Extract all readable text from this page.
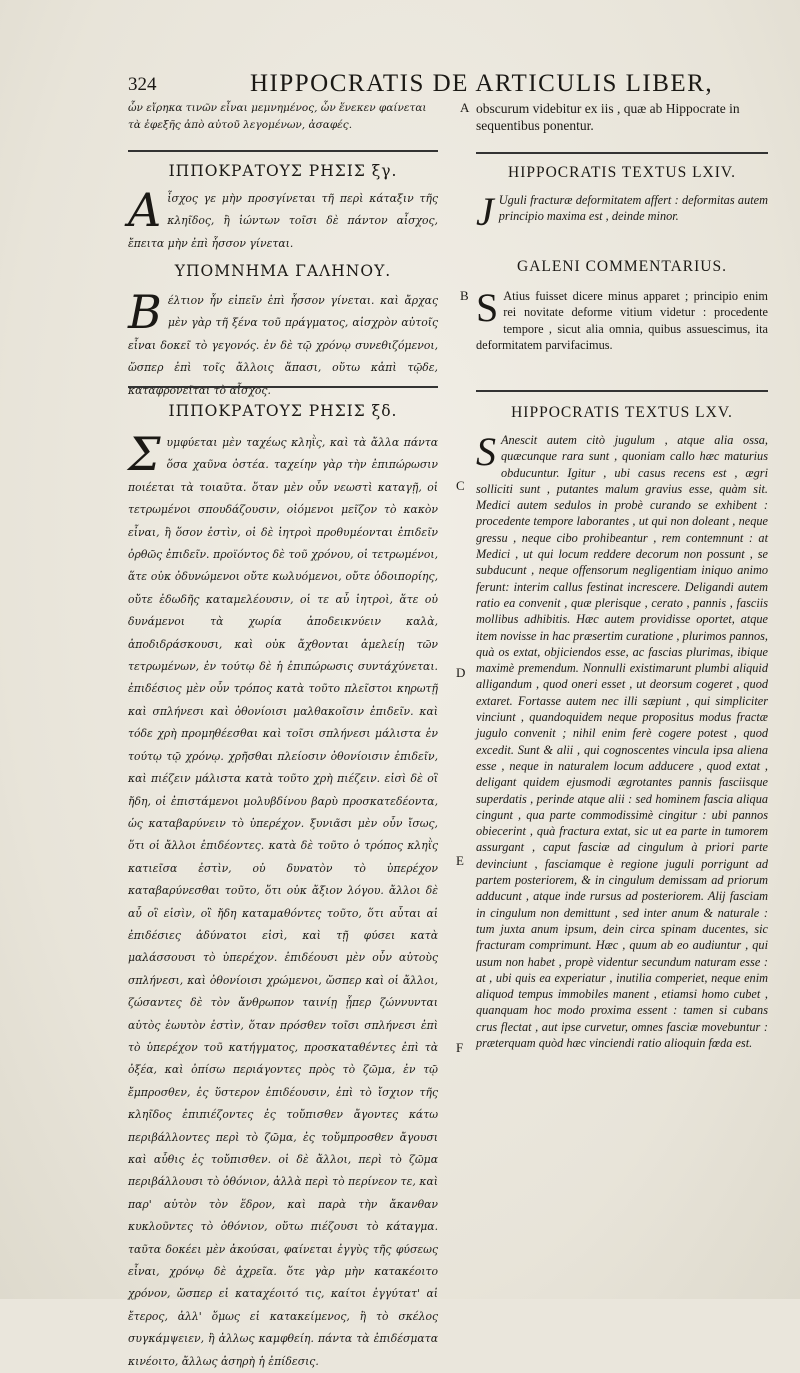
324	HIPPOCRATIS DE ARTICULIS LIBER,
ὧν εἴρηκα τινῶν εἶναι μεμνημένος, ὧν ἕνεκεν φαίνεται τὰ ἐφεξῆς ἀπὸ αὐτοῦ λεγομένων, ἀσαφές.
ΙΠΠΟΚΡΑΤΟΥΣ ΡΗΣΙΣ ξγ.
Αἶσχος γε μὴν προσγίνεται τῆ περὶ κάταξιν τῆς κληῖδος, ἢ ἰώντων τοῖσι δὲ πάντον αἶσχος, ἔπειτα μὴν ἐπὶ ἧσσον γίνεται.
ΥΠΟΜΝΗΜΑ ΓΑΛΗΝΟΥ.
Βέλτιον ἦν εἰπεῖν ἐπὶ ἧσσον γίνεται. καὶ ἄρχας μὲν γὰρ τῆ ξένα τοῦ πράγματος, αἰσχρὸν αὐτοῖς εἶναι δοκεῖ τὸ γεγονός. ἐν δὲ τῷ χρόνῳ συνεθιζόμενοι, ὥσπερ ἐπὶ τοῖς ἄλλοις ἅπασι, οὕτω κἀπὶ τῷδε, καταφρονεῖται τὸ αἶσχος.
ΙΠΠΟΚΡΑΤΟΥΣ ΡΗΣΙΣ ξδ.
Συμφύεται μὲν ταχέως κληῒς, καὶ τὰ ἄλλα πάντα ὅσα χαῦνα ὀστέα. ταχείην γὰρ τὴν ἐπιπώρωσιν ποιέεται τὰ τοιαῦτα. ὅταν μὲν οὖν νεωστὶ καταγῇ, οἱ τετρωμένοι σπουδάζουσιν, οἰόμενοι μεῖζον τὸ κακὸν εἶναι, ἢ ὅσον ἐστὶν, οἱ δὲ ἰητροὶ προθυμέονται ἐπιδεῖν ὀρθῶς ἐπιδεῖν. προϊόντος δὲ τοῦ χρόνου, οἱ τετρωμένοι, ἅτε οὐκ ὀδυνώμενοι οὔτε κωλυόμενοι, οὔτε ὁδοιπορίης, οὔτε ἐδωδῆς καταμελέουσιν, οἱ τε αὖ ἰητροὶ, ἅτε οὐ δυνάμενοι τὰ χωρία ἀποδεικνύειν καλὰ, ἀποδιδράσκουσι, καὶ οὐκ ἄχθονται ἀμελείῃ τῶν τετρωμένων, ἐν τούτῳ δὲ ἡ ἐπιπώρωσις συντάχύνεται. ἐπιδέσιος μὲν οὖν τρόπος κατὰ τοῦτο πλεῖστοι κηρωτῇ καὶ σπλήνεσι καὶ ὀθονίοισι μαλθακοῖσιν ἐπιδεῖν. καὶ τόδε χρὴ προμηθέεσθαι καὶ τοῖσι σπλήνεσι μάλιστα ἐν τούτῳ τῷ χρόνῳ. χρῆσθαι πλείοσιν ὀθονίοισιν ἐπιδεῖν, καὶ πιέζειν μάλιστα κατὰ τοῦτο χρὴ πιέζειν. εἰσὶ δὲ οἳ ἤδη, οἱ ἐπιστάμενοι μολυβδίνου βαρὺ προσκατεδέοντα, ὡς καταβαρύνειν τὸ ὑπερέχον. ξυνιᾶσι μὲν οὖν ἴσως, ὅτι οἱ ἄλλοι ἐπιδέοντες. κατὰ δὲ τοῦτο ὁ τρόπος κληῒς κατιεῖσα ἐστὶν, οὐ δυνατὸν τὸ ὑπερέχον καταβαρύνεσθαι τοῦτο, ὅτι οὐκ ἄξιον λόγου. ἄλλοι δὲ αὖ οἳ εἰσὶν, οἳ ἤδη καταμαθόντες τοῦτο, ὅτι αὗται αἱ ἐπιδέσιες ἀδύνατοι εἰσὶ, καὶ τῇ φύσει κατὰ μαλάσσουσι τὸ ὑπερέχον. ἐπιδέουσι μὲν οὖν αὐτοὺς σπλήνεσι, καὶ ὀθονίοισι χρώμενοι, ὥσπερ καὶ οἱ ἄλλοι, ζώσαντες δὲ τὸν ἄνθρωπον ταινίῃ ᾗπερ ζώννυνται αὐτὸς ἑωυτὸν ἐστὶν, ὅταν πρόσθεν τοῖσι σπλήνεσι ἐπὶ τὸ ὑπερέχον τοῦ κατήγματος, προσκαταθέντες ἐπὶ τὰ ὀξέα, καὶ ὀπίσω περιάγοντες πρὸς τὸ ζῶμα, ἐν τῷ ἔμπροσθεν, ἐς ὕστερον ἐπιδέουσιν, ἐπὶ τὸ ἴσχιον τῆς κληῖδος ἐπιπιέζοντες ἐς τοὔπισθεν ἄγοντες κάτω περιβάλλοντες περὶ τὸ ζῶμα, ἐς τοὔμπροσθεν ἄγουσι καὶ αὖθις ἐς τοὔπισθεν. οἱ δὲ ἄλλοι, περὶ τὸ ζῶμα περιβάλλουσι τὸ ὀθόνιον, ἀλλὰ περὶ τὸ περίνεον τε, καὶ παρ' αὐτὸν τὸν ἕδρον, καὶ παρὰ τὴν ἄκανθαν κυκλοῦντες τὸ ὀθόνιον, οὕτω πιέζουσι τὸ κάταγμα. ταῦτα δοκέει μὲν ἀκούσαι, φαίνεται ἐγγὺς τῆς φύσεως εἶναι, χρόνῳ δὲ ἀχρεῖα. ὅτε γὰρ μὴν κατακέοιτο χρόνον, ὥσπερ εἰ καταχέοιτό τις, καίτοι ἐγγύτατ' αἱ ἔτερος, ἀλλ' ὅμως εἰ κατακείμενος, ἢ τὸ σκέλος συγκάμψειεν, ἢ ἀλλως καμφθείη. πάντα τὰ ἐπιδέσματα κινέοιτο, ἄλλως ἀσηρὴ ἡ ἐπίδεσις.
A
B
C
D
E
F
obscurum videbitur ex iis , quæ ab Hippocrate in sequentibus ponentur.
HIPPOCRATIS TEXTUS LXIV.
J Uguli fracturæ deformitatem affert : deformitas autem principio maxima est , deinde minor.
GALENI COMMENTARIUS.
S Atius fuisset dicere minus apparet ; principio enim rei novitate deforme vitium videtur : procedente tempore , sicut alia omnia, quibus assuescimus, ita deformitatem parvifacimus.
HIPPOCRATIS TEXTUS LXV.
S Anescit autem citò jugulum , atque alia ossa, quæcunque rara sunt , quoniam callo hæc maturius obducuntur. Igitur , ubi casus recens est , ægri solliciti sunt , putantes malum gravius esse, quàm sit. Medici autem sedulos in probè curando se exhibent : procedente tempore laborantes , ut qui non doleant , neque gressu , neque cibo prohibeantur , rem contemnunt : at Medici , ut qui locum reddere decorum non possunt , se subducunt , neque offensorum negligentiam iniquo animo ferunt: interim callus festinat increscere. Deligandi autem ratio ea convenit , quæ plerisque , cerato , pannis , fasciis mollibus adhibitis. Hæc autem providisse oportet, atque item novisse in hac præsertim curatione , plurimos pannos, quà os extat, objiciendos esse, ac fascias plurimas, ibique maximè premendum. Nonnulli existimarunt plumbi aliquid alligandum , quod oneri esset , ut deorsum cogeret , quod extaret. Fortasse autem nec illi sæpiunt , qui simpliciter vinciunt , quandoquidem neque propositus modus fractæ jugulo convenit ; nihil enim ferè cogere potest , quod excedit. Sunt & alii , qui cognoscentes vincula ipsa aliena esse , neque in naturalem locum adducere , quod extat , deligant quidem ejusmodi ægrotantes pannis fasciisque superdatis , perinde atque alii : sed hominem fascia aliqua cingunt , qua parte commodissimè cingitur : ubi pannos obiecerint , quà fractura extat, sic ut ea parte in tumorem assurgant , caput fasciæ ad cingulum à priori parte devinciunt , fasciamque è regione juguli porrigunt ad partem posteriorem, & in cingulum demissam ad priorum adducunt , atque inde rursus ad posteriorem. Alij fasciam in cingulum non demittunt , sed inter anum & naturale : tum juxta anum ipsum, dein circa spinam ducentes, sic fracturam comprimunt. Hæc , quum ab eo audiuntur , qui usum non habet , propè videntur secundum naturam esse : at , ubi quis ea experiatur , inutilia comperiet, neque enim aliquod tempus immobiles manent , etiamsi homo cubet , quanquam hoc modo proxima essent : tamen si cubans crus flectat , aut ipse curvetur, omnes fasciæ movebuntur : præterquam quòd hæc vinciendi ratio alioquin fœda est.
